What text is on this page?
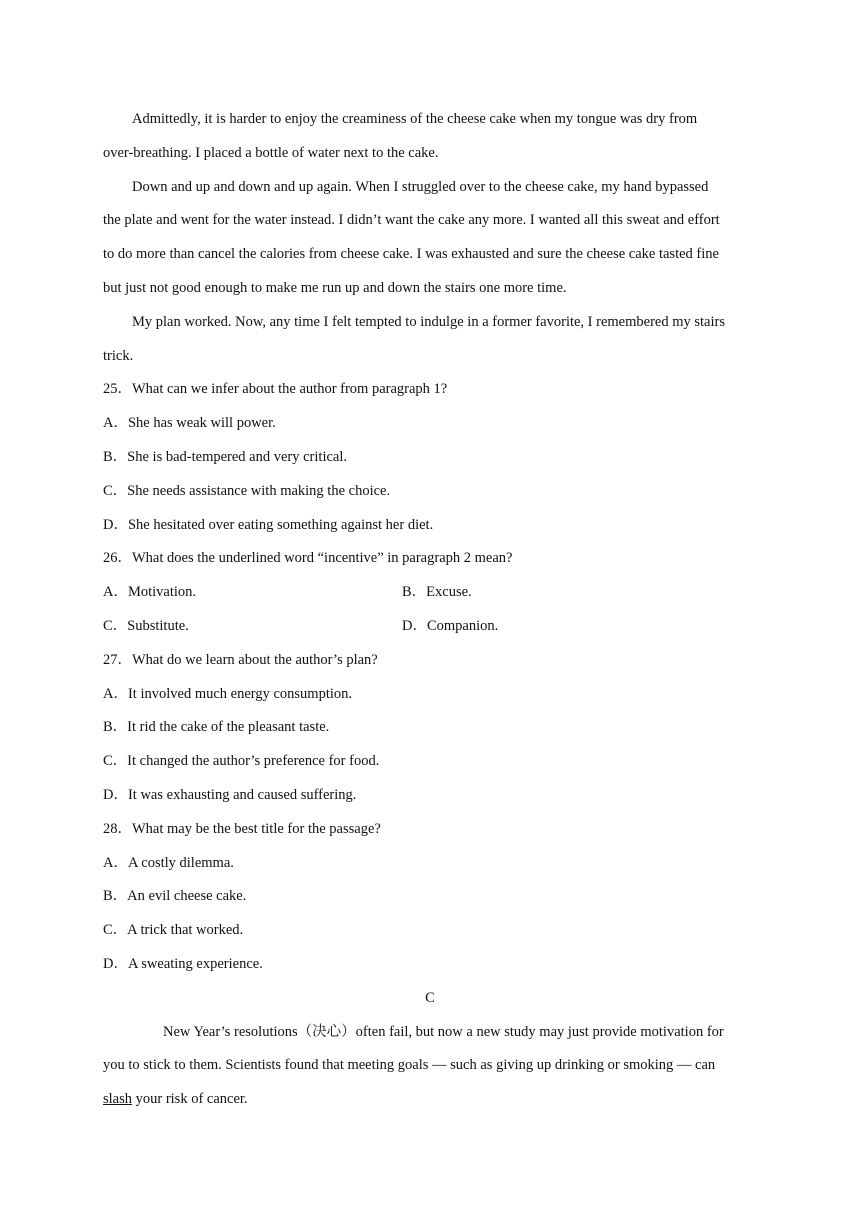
Admittedly, it is harder to enjoy the creaminess of the cheese cake when my tongue was dry from
over-breathing. I placed a bottle of water next to the cake.
Down and up and down and up again. When I struggled over to the cheese cake, my hand bypassed
the plate and went for the water instead. I didn’t want the cake any more. I wanted all this sweat and effort
to do more than cancel the calories from cheese cake. I was exhausted and sure the cheese cake tasted fine
but just not good enough to make me run up and down the stairs one more time.
My plan worked. Now, any time I felt tempted to indulge in a former favorite, I remembered my stairs
trick.
25．What can we infer about the author from paragraph 1?
A．She has weak will power.
B．She is bad-tempered and very critical.
C．She needs assistance with making the choice.
D．She hesitated over eating something against her diet.
26．What does the underlined word “incentive” in paragraph 2 mean?
A．Motivation.	B．Excuse.
C．Substitute.	D．Companion.
27．What do we learn about the author’s plan?
A．It involved much energy consumption.
B．It rid the cake of the pleasant taste.
C．It changed the author’s preference for food.
D．It was exhausting and caused suffering.
28．What may be the best title for the passage?
A．A costly dilemma.
B．An evil cheese cake.
C．A trick that worked.
D．A sweating experience.
C
New Year’s resolutions（决心）often fail, but now a new study may just provide motivation for
you to stick to them. Scientists found that meeting goals — such as giving up drinking or smoking — can
slash your risk of cancer.
